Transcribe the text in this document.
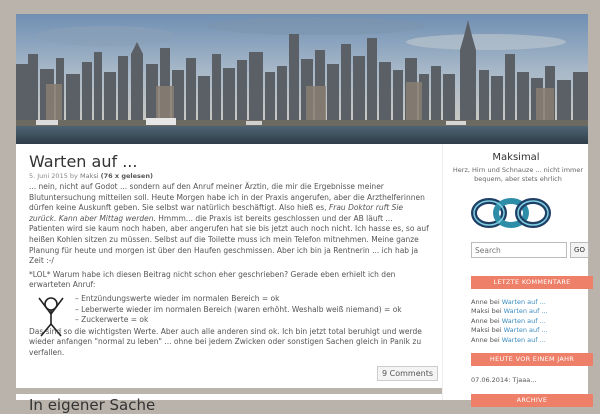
Warten auf ...
5. Juni 2015 by Maksi (76 x gelesen)

... nein, nicht auf Godot ... sondern auf den Anruf meiner Ärztin, die mir die Ergebnisse meiner Blutuntersuchung mitteilen soll. Heute Morgen habe ich in der Praxis angerufen, aber die Arzthelferinnen dürfen keine Auskunft geben. Sie selbst war natürlich beschäftigt. Also hieß es, Frau Doktor ruft Sie zurück. Kann aber Mittag werden. Hmmm... die Praxis ist bereits geschlossen und der AB läuft ... Patienten wird sie kaum noch haben, aber angerufen hat sie bis jetzt auch noch nicht. Ich hasse es, so auf heißen Kohlen sitzen zu müssen. Selbst auf die Toilette muss ich mein Telefon mitnehmen. Meine ganze Planung für heute und morgen ist über den Haufen geschmissen. Aber ich bin ja Rentnerin ... ich hab ja Zeit :-/

*LOL* Warum habe ich diesen Beitrag nicht schon eher geschrieben? Gerade eben erhielt ich den erwarteten Anruf:

– Entzündungswerte wieder im normalen Bereich = ok
– Leberwerte wieder im normalen Bereich (waren erhöht. Weshalb weiß niemand) = ok
– Zuckerwerte = ok

Das sind so die wichtigsten Werte. Aber auch alle anderen sind ok. Ich bin jetzt total beruhigt und werde wieder anfangen "normal zu leben" ... ohne bei jedem Zwicken oder sonstigen Sachen gleich in Panik zu verfallen.

9 Comments
In eigener Sache
Maksimal
Herz, Hirn und Schnauze ... nicht immer bequem, aber stets ehrlich
Search
GO
LETZTE KOMMENTARE
Anne bei Warten auf ...
Maksi bei Warten auf ...
Anne bei Warten auf ...
Maksi bei Warten auf ...
Anne bei Warten auf ...
HEUTE VOR EINEM JAHR
07.06.2014: Tjaaa...
ARCHIVE
